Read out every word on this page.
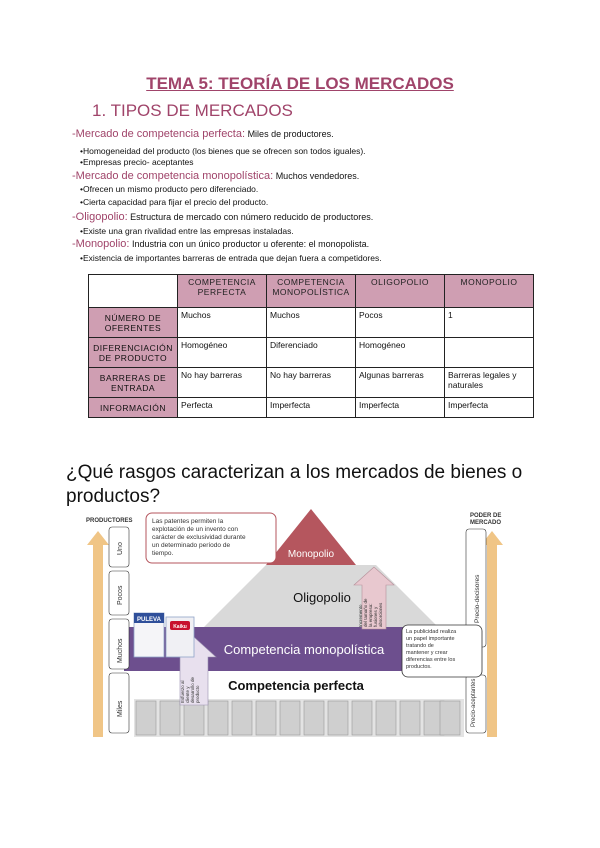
TEMA 5: TEORÍA DE LOS MERCADOS
1. TIPOS DE MERCADOS
-Mercado de competencia perfecta: Miles de productores.
•Homogeneidad del producto (los bienes que se ofrecen son todos iguales).
•Empresas precio- aceptantes
-Mercado de competencia monopolística: Muchos vendedores.
•Ofrecen un mismo producto pero diferenciado.
•Cierta capacidad para fijar el precio del producto.
-Oligopolio: Estructura de mercado con número reducido de productores.
•Existe una gran rivalidad entre las empresas instaladas.
-Monopolio: Industria con un único productor u oferente: el monopolista.
•Existencia de importantes barreras de entrada que dejan fuera a competidores.
	COMPETENCIA PERFECTA	COMPETENCIA MONOPOLÍSTICA	OLIGOPOLIO	MONOPOLIO
NÚMERO DE OFERENTES	Muchos	Muchos	Pocos	1
DIFERENCIACIÓN DE PRODUCTO	Homogéneo	Diferenciado	Homogéneo	
BARRERAS DE ENTRADA	No hay barreras	No hay barreras	Algunas barreras	Barreras legales y naturales
INFORMACIÓN	Perfecta	Imperfecta	Imperfecta	Imperfecta
¿Qué rasgos caracterizan a los mercados de bienes o productos?
Competencia perfecta
Competencia monopolística
Oligopolio
Monopolio
PRODUCTORES
Uno
Pocos
Muchos
Miles
PODER DE
MERCADO
Precio-decisores
Precio-aceptantes
Las patentes permiten la explotación de un invento con carácter de exclusividad durante un determinado período de tiempo.
La publicidad realiza un papel importante tratando de mantener y crear diferencias entre los productos.
Incremento del tamaño de la empresa: fusiones y absorciones
Esfuerzo al cliente y desarrollo de producto
PULEVA
Kaiku
